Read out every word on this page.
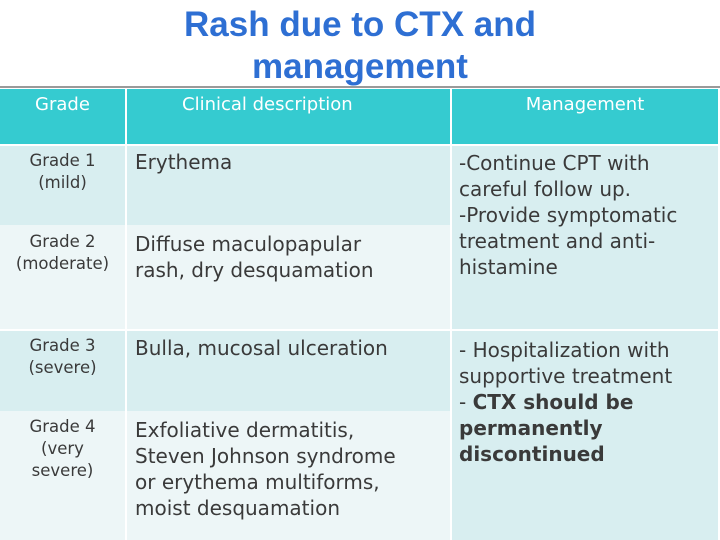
Rash due to CTX and
management
Grade	Clinical description	Management
Grade 1
(mild)
Erythema
Grade 2
(moderate)
Diffuse maculopapular
rash, dry desquamation
-Continue CPT with
careful follow up.
-Provide symptomatic
treatment and anti-
histamine
Grade 3
(severe)
Bulla, mucosal ulceration
Grade 4
(very
severe)
Exfoliative dermatitis,
Steven Johnson syndrome
or erythema multiforms,
moist desquamation
- Hospitalization with
supportive treatment
- CTX should be
permanently
discontinued
